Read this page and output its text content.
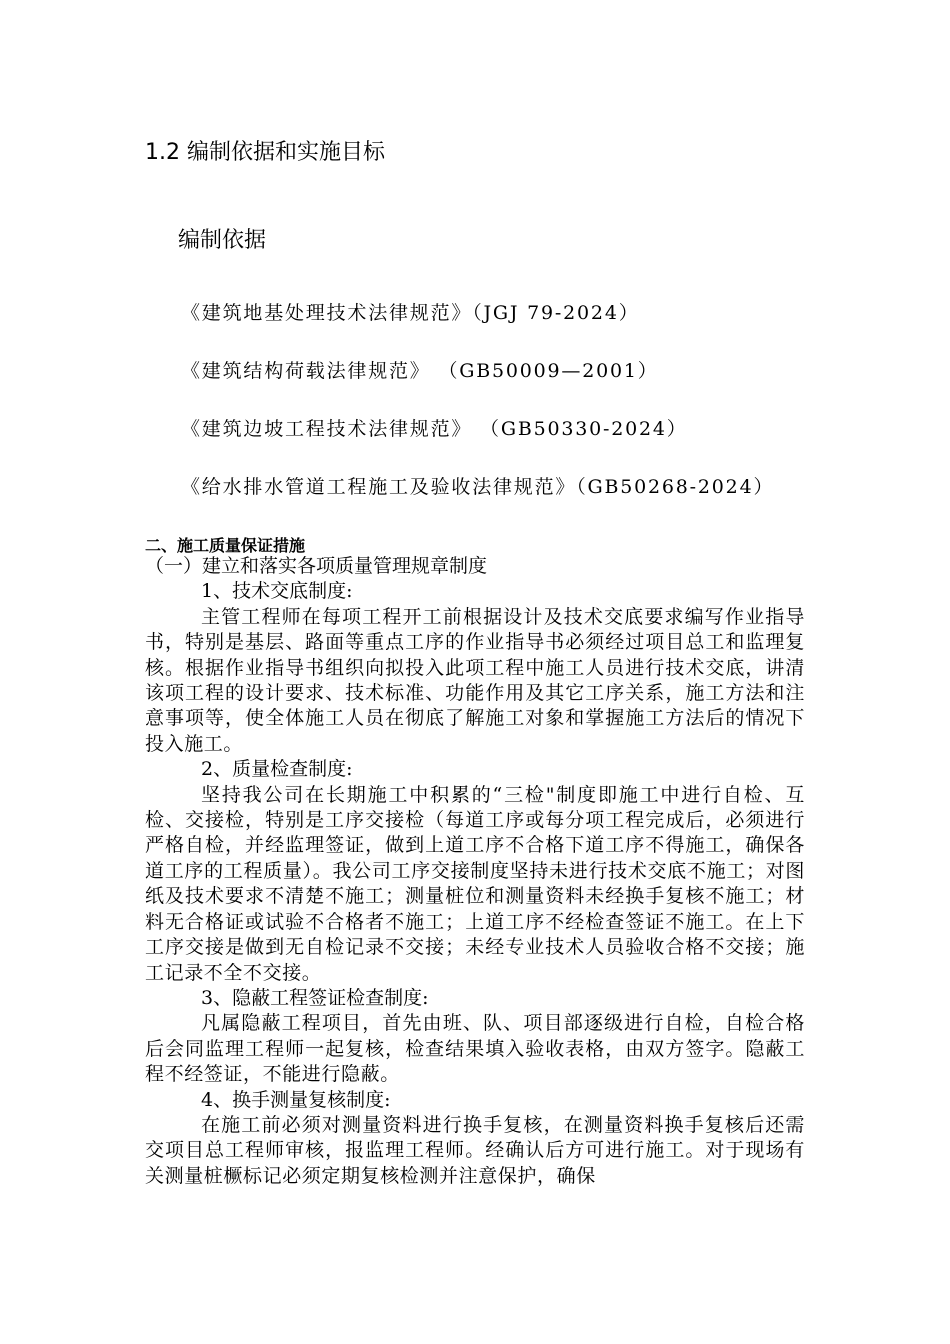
1.2 编制依据和实施目标
编制依据
《建筑地基处理技术法律规范》（JGJ 79-2024）
《建筑结构荷载法律规范》 （GB50009—2001）
《建筑边坡工程技术法律规范》 （GB50330-2024）
《给水排水管道工程施工及验收法律规范》（GB50268-2024）
二、施工质量保证措施

（一）建立和落实各项质量管理规章制度

1、技术交底制度:

主管工程师在每项工程开工前根据设计及技术交底要求编写作业指导书，特别是基层、路面等重点工序的作业指导书必须经过项目总工和监理复核。根据作业指导书组织向拟投入此项工程中施工人员进行技术交底，讲清该项工程的设计要求、技术标准、功能作用及其它工序关系，施工方法和注意事项等，使全体施工人员在彻底了解施工对象和掌握施工方法后的情况下投入施工。

2、质量检查制度:

坚持我公司在长期施工中积累的“三检"制度即施工中进行自检、互检、交接检，特别是工序交接检（每道工序或每分项工程完成后，必须进行严格自检，并经监理签证，做到上道工序不合格下道工序不得施工，确保各道工序的工程质量）。我公司工序交接制度坚持未进行技术交底不施工；对图纸及技术要求不清楚不施工；测量桩位和测量资料未经换手复核不施工；材料无合格证或试验不合格者不施工；上道工序不经检查签证不施工。在上下工序交接是做到无自检记录不交接；未经专业技术人员验收合格不交接；施工记录不全不交接。

3、隐蔽工程签证检查制度:

凡属隐蔽工程项目，首先由班、队、项目部逐级进行自检，自检合格后会同监理工程师一起复核，检查结果填入验收表格，由双方签字。隐蔽工程不经签证，不能进行隐蔽。

4、换手测量复核制度:

在施工前必须对测量资料进行换手复核，在测量资料换手复核后还需交项目总工程师审核，报监理工程师。经确认后方可进行施工。对于现场有关测量桩橛标记必须定期复核检测并注意保护，确保
